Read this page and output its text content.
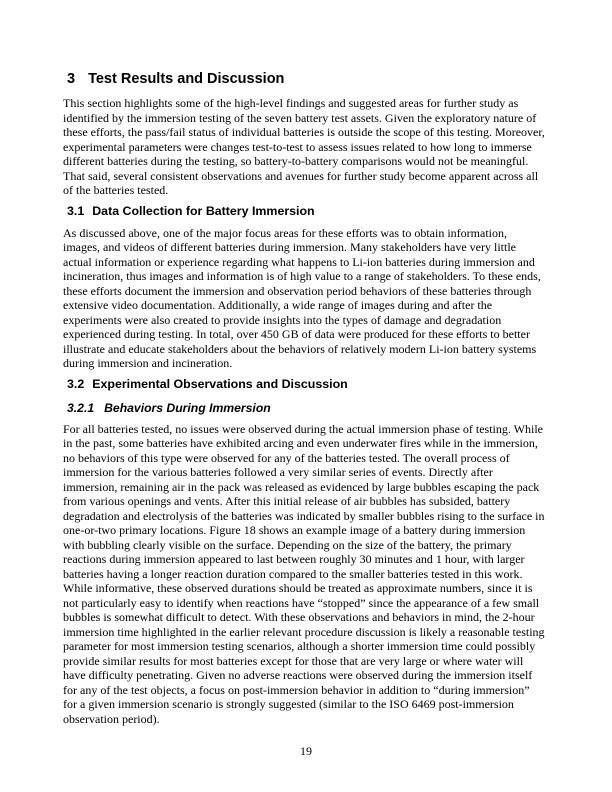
3 Test Results and Discussion

This section highlights some of the high-level findings and suggested areas for further study as identified by the immersion testing of the seven battery test assets. Given the exploratory nature of these efforts, the pass/fail status of individual batteries is outside the scope of this testing. Moreover, experimental parameters were changes test-to-test to assess issues related to how long to immerse different batteries during the testing, so battery-to-battery comparisons would not be meaningful. That said, several consistent observations and avenues for further study become apparent across all of the batteries tested.

3.1 Data Collection for Battery Immersion

As discussed above, one of the major focus areas for these efforts was to obtain information, images, and videos of different batteries during immersion. Many stakeholders have very little actual information or experience regarding what happens to Li-ion batteries during immersion and incineration, thus images and information is of high value to a range of stakeholders. To these ends, these efforts document the immersion and observation period behaviors of these batteries through extensive video documentation. Additionally, a wide range of images during and after the experiments were also created to provide insights into the types of damage and degradation experienced during testing. In total, over 450 GB of data were produced for these efforts to better illustrate and educate stakeholders about the behaviors of relatively modern Li-ion battery systems during immersion and incineration.

3.2 Experimental Observations and Discussion
3.2.1 Behaviors During Immersion

For all batteries tested, no issues were observed during the actual immersion phase of testing. While in the past, some batteries have exhibited arcing and even underwater fires while in the immersion, no behaviors of this type were observed for any of the batteries tested. The overall process of immersion for the various batteries followed a very similar series of events. Directly after immersion, remaining air in the pack was released as evidenced by large bubbles escaping the pack from various openings and vents. After this initial release of air bubbles has subsided, battery degradation and electrolysis of the batteries was indicated by smaller bubbles rising to the surface in one-or-two primary locations. Figure 18 shows an example image of a battery during immersion with bubbling clearly visible on the surface. Depending on the size of the battery, the primary reactions during immersion appeared to last between roughly 30 minutes and 1 hour, with larger batteries having a longer reaction duration compared to the smaller batteries tested in this work. While informative, these observed durations should be treated as approximate numbers, since it is not particularly easy to identify when reactions have “stopped” since the appearance of a few small bubbles is somewhat difficult to detect. With these observations and behaviors in mind, the 2-hour immersion time highlighted in the earlier relevant procedure discussion is likely a reasonable testing parameter for most immersion testing scenarios, although a shorter immersion time could possibly provide similar results for most batteries except for those that are very large or where water will have difficulty penetrating. Given no adverse reactions were observed during the immersion itself for any of the test objects, a focus on post-immersion behavior in addition to “during immersion” for a given immersion scenario is strongly suggested (similar to the ISO 6469 post-immersion observation period).

19
